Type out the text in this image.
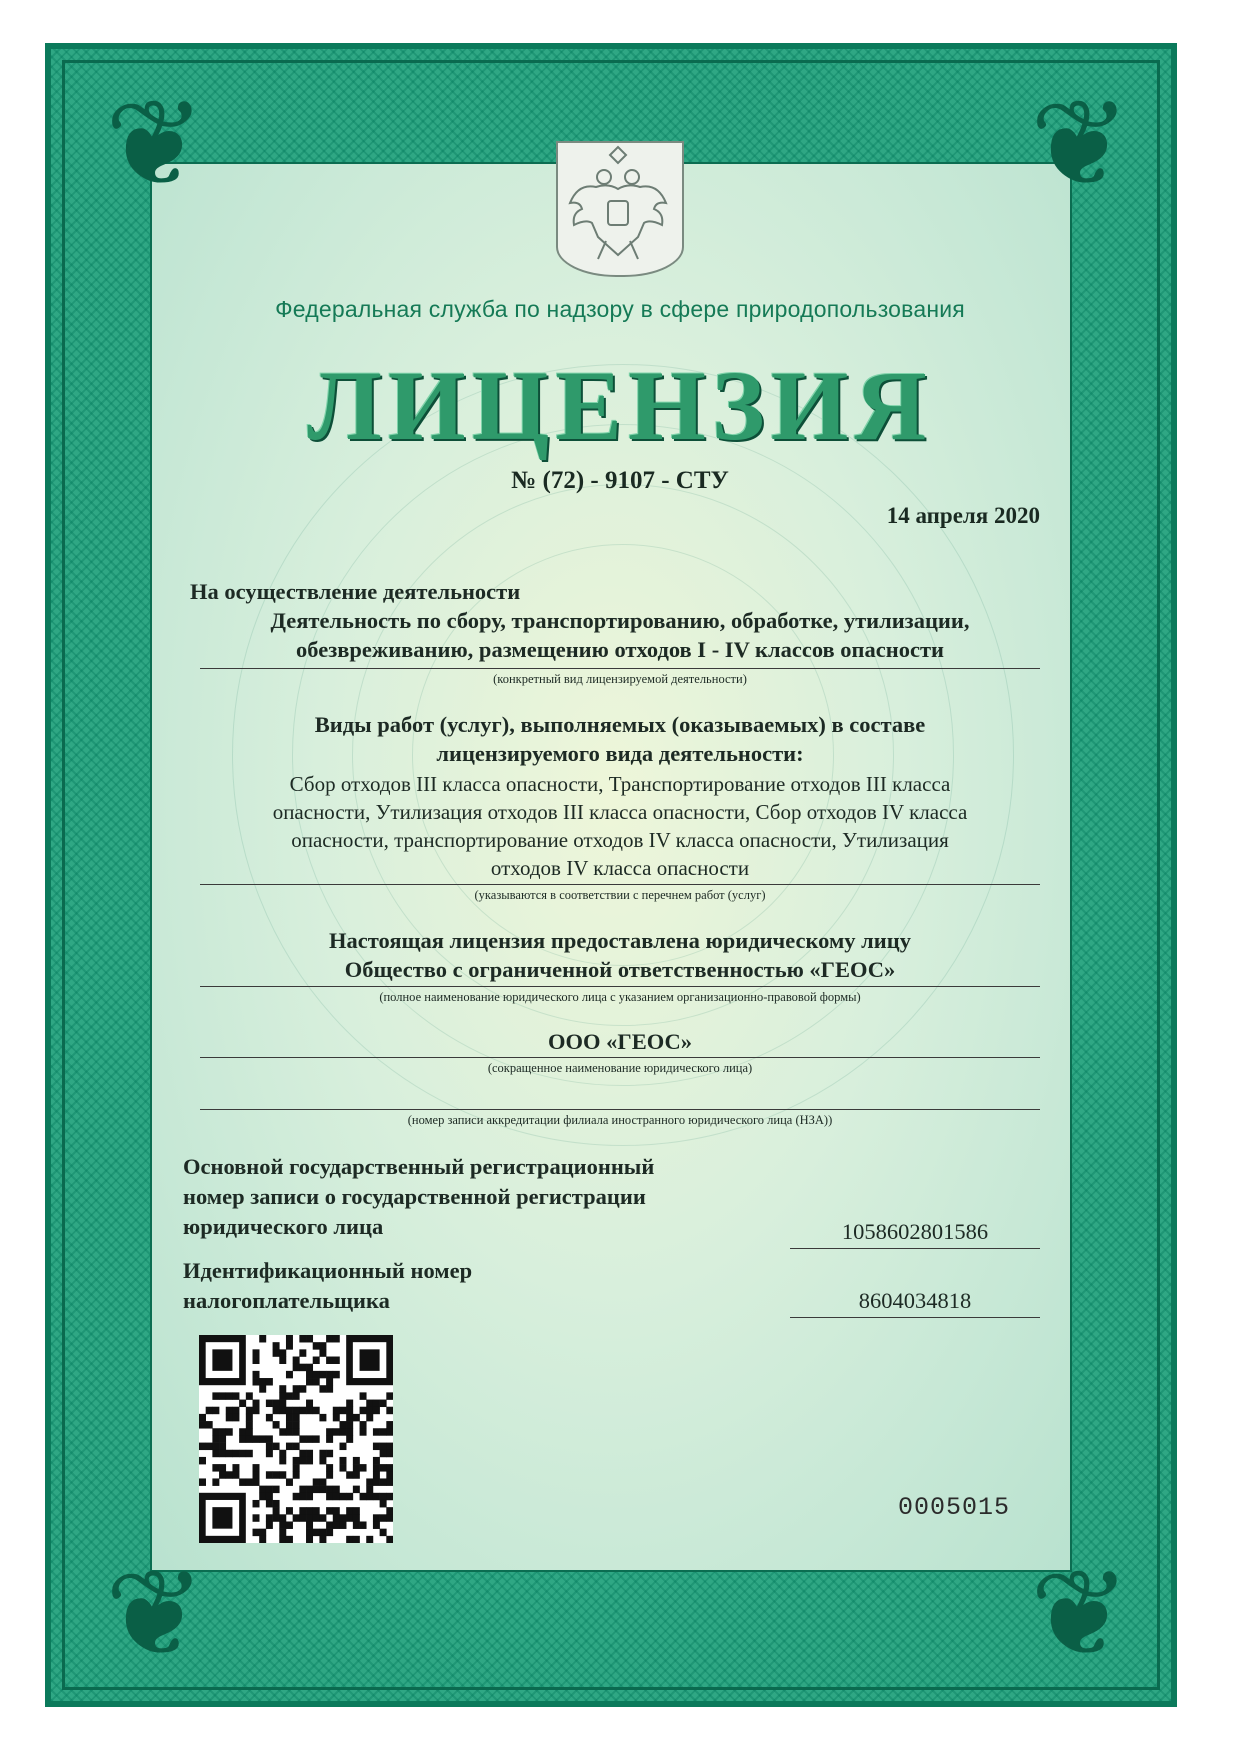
❦	❦
❦	❦
Федеральная служба по надзору в сфере природопользования
ЛИЦЕНЗИЯ
№ (72) - 9107 - СТУ
14 апреля 2020
На осуществление деятельности
Деятельность по сбору, транспортированию, обработке, утилизации,
обезвреживанию, размещению отходов I - IV классов опасности
(конкретный вид лицензируемой деятельности)
Виды работ (услуг), выполняемых (оказываемых) в составе
лицензируемого вида деятельности:
Сбор отходов III класса опасности, Транспортирование отходов III класса
опасности, Утилизация отходов III класса опасности, Сбор отходов IV класса
опасности, транспортирование отходов IV класса опасности, Утилизация
отходов IV класса опасности
(указываются в соответствии с перечнем работ (услуг)
Настоящая лицензия предоставлена юридическому лицу
Общество с ограниченной ответственностью «ГЕОС»
(полное наименование юридического лица с указанием организационно-правовой формы)
ООО «ГЕОС»
(сокращенное наименование юридического лица)
(номер записи аккредитации филиала иностранного юридического лица (НЗА))
Основной государственный регистрационный
номер записи о государственной регистрации
юридического лица	1058602801586
Идентификационный номер
налогоплательщика	8604034818
0005015
